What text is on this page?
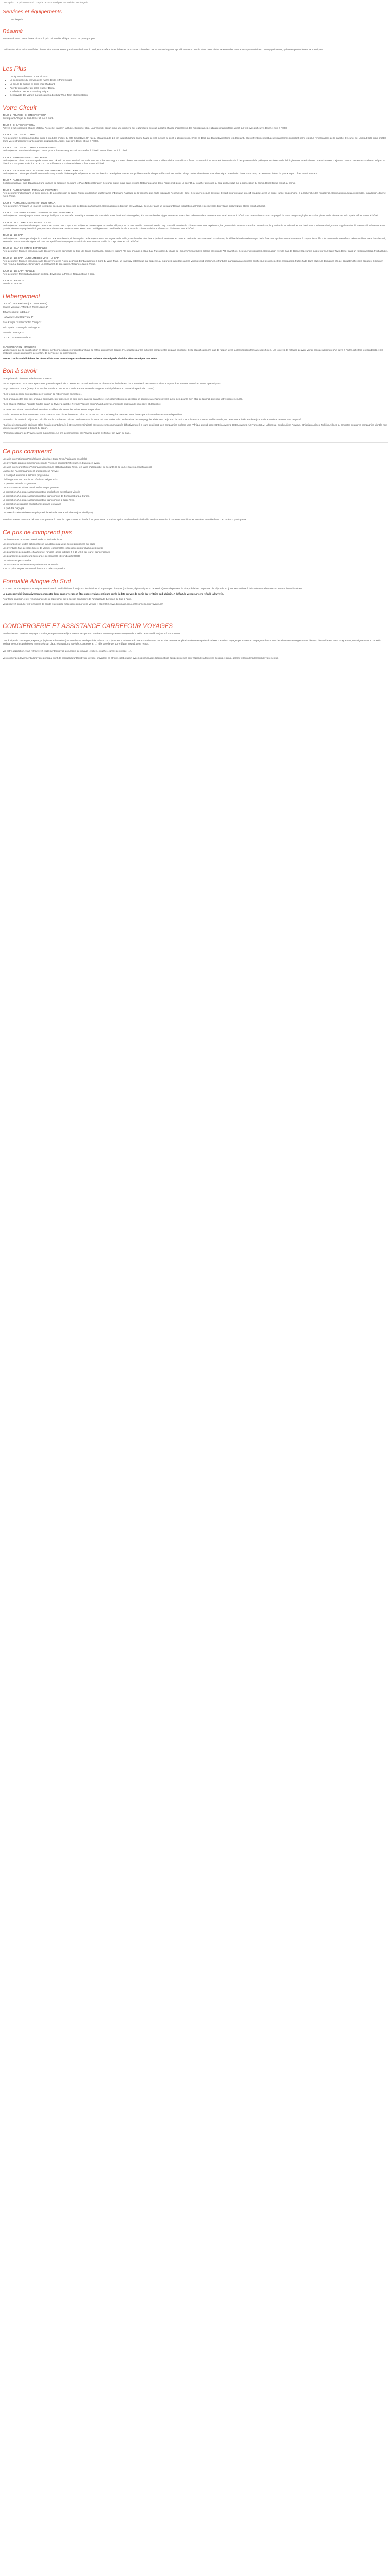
Description Ce prix comprend / Ce prix ne comprend pas Formalités Conciergerie
Services et équipements
• Conciergerie
Résumé

Nouveauté 2026 ! Les Chutes Victoria à prix unique dès Afrique du Sud en petit groupe !

Un itinéraire riche et immersif des Chutes Victoria aux terres grandioses d'Afrique du Sud, entre safaris inoubliables et rencontres culturelles. De Johannesburg au Cap, découvrez un art de vivre, une cuisine locale et des panoramas spectaculaires. Un voyage intense, rythmé et profondément authentique !

Les Plus
• Les époustouflantes Chutes Victoria
• La découverte du canyon de la rivière Blyde et Parc Kruger
• Le cours de cuisine et dîner chez l'habitant
• Apéritif au coucher du soleil et dîner Boma
• 3 safaris en 4x4 et 1 safari aquatique
• Découverte des vignes sud-africaines à bord du Wine Tram et dégustation
Votre Circuit

JOUR 1 : FRANCE - CHUTES VICTORIA

Envol pour l'Afrique du Sud. Dîner et nuit à bord.

JOUR 2 : CHUTES VICTORIA

Arrivée à l'aéroport des Chutes Victoria. Accueil et transfert à l'hôtel. Déjeuner libre. L'après-midi, départ pour une croisière sur le Zambèze où vous aurez la chance d'apercevoir des hippopotames et d'autres mammifères vivant sur les rives du fleuve. Dîner et nuit à l'hôtel.

JOUR 3 : CHUTES VICTORIA

Petit-déjeuner. Départ pour un tour guidé à pied des chutes du côté Zimbabwe. Un rideau d'eau long de 1,7 km rafraîchit d'une brume haute de 108 mètres au point le plus profond. C'est en 1855 que David Livingstone les découvrit. Elles offrent une multitude de panoramas complant parmi les plus remarquables de la planète. Déjeuner au Lookout Café pour profiter d'une vue extraordinaire sur les gorges du Zambèze. Après-midi libre. Dîner et nuit à l'hôtel.

JOUR 4 : CHUTES VICTORIA - JOHANNESBURG

Petit-déjeuner. Transfert à l'aéroport. Envol pour Johannesburg. Accueil et transfert à l'hôtel. Repas libres. Nuit à l'hôtel.

JOUR 5 : JOHANNESBURG - HAZYVIEW

Petit-déjeuner. Visite du township de Soweto en Tuk Tuk. Soweto est situé au Sud-Ouest de Johannesburg. Ce vaste réseau enchevêtré « ville dans la ville » abrite 2,5 millions d'âmes. Soweto doit sa notoriété internationale à des personnalités politiques inspirées de la théologie noire américaine et du Black Power. Déjeuner dans un restaurant Shebeen. Départ en direction d'Hazyview. Arrêt à Corn & Cob pour découvrir la culture Ndebele. Dîner et nuit à l'hôtel.

JOUR 6 : HAZYVIEW - BLYDE RIVER - PILGRIM'S REST - PARC KRUGER

Petit-déjeuner. Départ pour la découverte du canyon de la rivière Blyde. Déjeuner. Route en direction de Pilgrim's Rest et temps libre dans la ville pour découvrir cet ancien village minier classé monument historique. Installation dans votre camp de tentes en lisière du parc Kruger. Dîner et nuit au camp.

JOUR 7 : PARC KRUGER

Collation matinale, puis départ pour une journée de safari en 4x4 dans le Parc National Kruger. Déjeuner pique-nique dans le parc. Retour au camp dans l'après-midi pour un apéritif au coucher du soleil au bord du lac situé sur la concession du camp. Dîner Boma et nuit au camp.

JOUR 8 : PARC KRUGER - ROYAUME D'ESWATINI

Petit-déjeuner matinal dans le bush, au sein de la concession du camp. Route en direction du Royaume d'Eswatini. Passage de la frontière puis route jusqu'à la Réserve de Hlane. Déjeuner en cours de route. Départ pour un safari en 4x4 et à pied, avec un guide ranger anglophone, à la recherche des rhinocéros. Continuation jusqu'à votre hôtel. Installation, dîner et nuit à l'hôtel.

JOUR 9 : ROYAUME D'ESWATINI - ZULU NYALA

Petit-déjeuner. Arrêt dans un marché local pour découvrir la confection de bougies artisanales. Continuation en direction de Malkhaya. Déjeuner dans un restaurant local. Installation à l'hôtel et découverte d'un village culturel Zulu. Dîner et nuit à l'hôtel.

JOUR 10 : ZULU NYALA - PARC D'ISIMANGALISO - ZULU NYALA

Petit-déjeuner. Route jusqu'à Sainte Lucie puis départ pour un safari aquatique au cœur du Parc de la zone humide d'iSimangaliso, à la recherche des hippopotames et crocodiles. Déjeuner dans un restaurant local. Retour à l'hôtel pour un safari en 4x4 accompagné de votre ranger anglophone sur les pistes de la réserve de Zulu Nyala. Dîner et nuit à l'hôtel.

JOUR 11 : ZULU NYALA - DURBAN - LE CAP

Petit-déjeuner. Transfert à l'aéroport de Durban. Envol pour Cape Town. Déjeuner panier-repas. Accueil et départ pour un tour de ville panoramique du Cap. Vous découvrirez le château de Bonne Espérance, les gratte-ciels, le Victoria & Alfred Waterfront, le quartier de Woodstock et ses boutiques d'artisanat design dans la galerie du Old Biscuit Mill. Découverte du quartier de Bo-Kaap qui se distingue par ses maisons aux couleurs vives. Rencontre privilégiée avec une famille locale. Cours de cuisine malaise et dîner chez l'habitant. Nuit à l'hôtel.

JOUR 12 : LE CAP

Petit-déjeuner. Départ pour le jardin botanique de Kirstenbosch, niché au pied de la majestueuse montagne de la Table, c'est l'un des plus beaux jardins botaniques au monde. Véritable trésor national sud-africain, il célèbre la biodiversité unique de la flore du Cap dans un cadre naturel à couper le souffle. Découverte du Waterfront. Déjeuner libre. Dans l'après-midi, ascension au sommet de Signal Hill pour un apéritif au champagne sud-africain avec vue sur la ville du Cap. Dîner et nuit à l'hôtel.

JOUR 13 : CAP DE BONNE ESPERANCE

Petit-déjeuner. Journée consacrée à la découverte de la péninsule du Cap de Bonne Espérance. Croisière jusqu'à l'île aux phoques à Hout Bay. Puis visite du village de Simon's Town et de la colonie de plus de 700 manchots. Déjeuner de poissons. Continuation vers le Cap de Bonne Espérance puis retour sur Cape Town. Dîner dans un restaurant local. Nuit à l'hôtel.

JOUR 14 : LE CAP - LA ROUTE DES VINS - LE CAP

Petit-déjeuner. Journée consacrée à la découverte de la Route des Vins. Embarquement à bord du Wine Tram, un tramway pittoresque qui serpente au cœur des superbes vallées viticoles sud-africaines, offrant des panoramas à couper le souffle sur les vignes et les montagnes. Faites halte dans plusieurs domaines afin de déguster différents cépages. Déjeuner. Puis retour à Capetown. Dîner dans un restaurant de spécialités Africaines. Nuit à l'hôtel.

JOUR 15 : LE CAP - FRANCE

Petit-déjeuner. Transfert à l'aéroport du Cap. Envol pour la France. Repas et nuit à bord.

JOUR 16 : FRANCE

Arrivée en France.

Hébergement

LES HÔTELS PRÉVUS (OU SIMILAIRES)

Chutes Victoria : A'Zambezi River Lodge 4*

Johannesburg : Indaba 4*

Hazyview : New Hazyview 3*

Parc Kruger : Umziti Tented Camp 3*

Zulu Nyala : Zulu Nyala Heritage 3*

Eswatini : George 3*

Le Cap : Greate Grande 3*

CLASSIFICATION HÔTELIÈRE

Veuillez noter que la classification en étoiles mentionnée dans ce produit touristique se réfère aux normes locales (NL) établies par les autorités compétentes du pays concerné. Cette classification n'a pas de rapport avec la classification française des hôtels. Les critères de notation peuvent varier considérablement d'un pays à l'autre, reflétant les standards et les pratiques locales en matière de confort, de services et de commodités.

En cas d'indisponibilité dans les hôtels cités nous nous chargerons de réserver un hôtel de catégorie similaire sélectionné par nos soins.

Bon à savoir

* Le rythme du circuit est relativement soutenu.

* Note importante : tous nos départs sont garantis à partir de 2 personnes. Votre inscription en chambre individuelle est donc soumise à certaines conditions et peut être annulée faute d'au moins 2 participants.

* Age minimum : 7 ans (Jusqu'à 12 ans les safaris en 4x4 sont soumis à acceptation du ranger et Safari pédestre en Eswatini à partir de 13 ans.)

* Les temps de route sont dilatoires en fonction de l'observation animalière.

* Les animaux cités sont des animaux sauvages, leur présence ne peut donc pas être garantie et leur observation reste aléatoire et soumise à certaines règles aussi bien pour le bien-être de l'animal que pour votre propre sécurité.

* Les Chutes Victoria : Période "hautes eaux" de février à juillet et Période "basses eaux" d'août à janvier, niveau le plus bas de novembre et décembre.

* L'ordre des visites pourrait être inversé ou modifié mais toutes les visites seront respectées.

* Selon les normes internationales, votre chambre sera disponible entre 12h30 et 15h00. En cas d'arrivée plus matinale, vous devrez parfois attendre sa mise à disposition.

* Attention : la durée du séjour est calculée sur le nombre de nuits et non le nombre de jours qui peut varier selon les horaires des compagnies aériennes de jour ou de nuit. Les vols retour pourront s'effectuer de jour avec une arrivée le même jour mais le nombre de nuits sera respecté.

* La liste de compagnie aérienne et les horaires sont donnés à titre purement indicatif et vous seront communiqués définitivement à 8 jours du départ. Les compagnies opérant vers l'Afrique du sud sont : British Airways, Qatar Airways, Air France/KLM, Lufthansa, South African Airways, Ethiopian Airlines, Turkish Airlines ou Emirates ou autres compagnies dont le nom vous sera communiqué à 8 jours du départ.

* Possibilité départs de Province avec supplément. Le pré acheminement de Province pourra s'effectuer en avion ou train.

Ce prix comprend

Les vols internationaux Paris/Chutes Victoria et Cape Town/Paris avec escale(s)

Les éventuels pré/post acheminements de Province pourront s'effectuer en train ou en avion

Les vols intérieurs Chutes Victoria/Johannesburg et Durban/Cape Town, les taxes d'aéroport et de sécurité (à ce jour et sujets à modifications)

L'accueil et l'accompagnement anglophone à l'arrivée

Le transport en minibus selon le programme

L'hébergement de 13 nuits en hôtels ou lodges 3*/4*

La pension selon le programme

Les excursions et visites mentionnées au programme

La prestation d'un guide-accompagnateur anglophone aux Chutes Victoria

La prestation d'un guide-accompagnateur francophone de Johannesburg à Durban

La prestation d'un guide-accompagnateur francophone à Cape Town

La prestation de rangers anglophones durant les safaris

Le port des bagages

Les taxes locales (révisées au prix possible selon la taux applicable au jour du départ)

Note importante : tous nos départs sont garantis à partir de 2 personnes et limités à 16 personnes. Votre inscription en chambre individuelle est donc soumise à certaines conditions et peut être annulée faute d'au moins 2 participants.

Ce prix ne comprend pas

Les boissons et repas non mentionnés ou indiqués libres

Les excursions et visites optionnelles et facultatives qui vous seront proposées sur place

Les éventuels frais de visas (merci de vérifier les formalités nécessaires pour chacun des pays)

Les pourboires des guides, chauffeurs et rangers (à titre indicatif 7 à 10 USD par jour et par personne)

Les pourboires des porteurs serveurs et personnel (à titre indicatif 2 USD)

Les dépenses personnelles

Les assurances assistance rapatriement et annulation

Tout ce qui n'est pas mentionné dans « Ce prix comprend »

Formalité Afrique du Sud

A ce jour, pour les séjours touristiques en Afrique du Sud inférieurs à 90 jours, les titulaires d'un passeport français (ordinaire, diplomatique ou de service) sont dispensés de visa préalable. Un permis de séjour de 90 jours sera délivré à la frontière et à l'entrée sur le territoire sud-africain.

Le passeport doit impérativement comporter deux pages vierges et être encore valable 30 jours après la date prévue de sortie du territoire sud-africain. A défaut, le voyageur sera refoulé à l'arrivée.

Pour toute question, il est recommandé de se rapprocher de la section consulaire de l'ambassade d'Afrique du Sud à Paris.

Vous pouvez consulter les formalités de santé et de police nécessaires pour votre voyage : http://XXX.www.diplomatie.gouv.fr/ fr/conseils-aux-voyageurs/

CONCIERGERIE ET ASSISTANCE CARREFOUR VOYAGES

En choisissant Carrefour Voyages Conciergerie pour votre séjour, vous optez pour un service d'accompagnement complet de la veille de votre départ jusqu'à votre retour.

Une équipe de concierges, experts, polyglottes et humains (pas de robot !) est disponible 24h sur 24, 7 jours sur 7 et à votre écoute exclusivement par le biais de notre application de messagerie sécurisée. Carrefour Voyages pour vous accompagner dans toutes les situations (enregistrement de vols, démarche sur votre programme, renseignements & conseils, assistance sur les problèmes rencontrés sur place, réservation d'activités, conciergerie, ...) dès la veille de votre départ jusqu'à votre retour.

Via notre application, vous retrouverez également tous vos documents de voyage (e-billets, voucher, carnet de voyage, ...).

Vos concierges deviennent alors votre principal point de contact durant tout votre voyage, travaillant en étroite collaboration avec nos partenaires locaux et nos équipes internes pour répondre à tous vos besoins et ainsi, garantir le bon déroulement de votre séjour.
